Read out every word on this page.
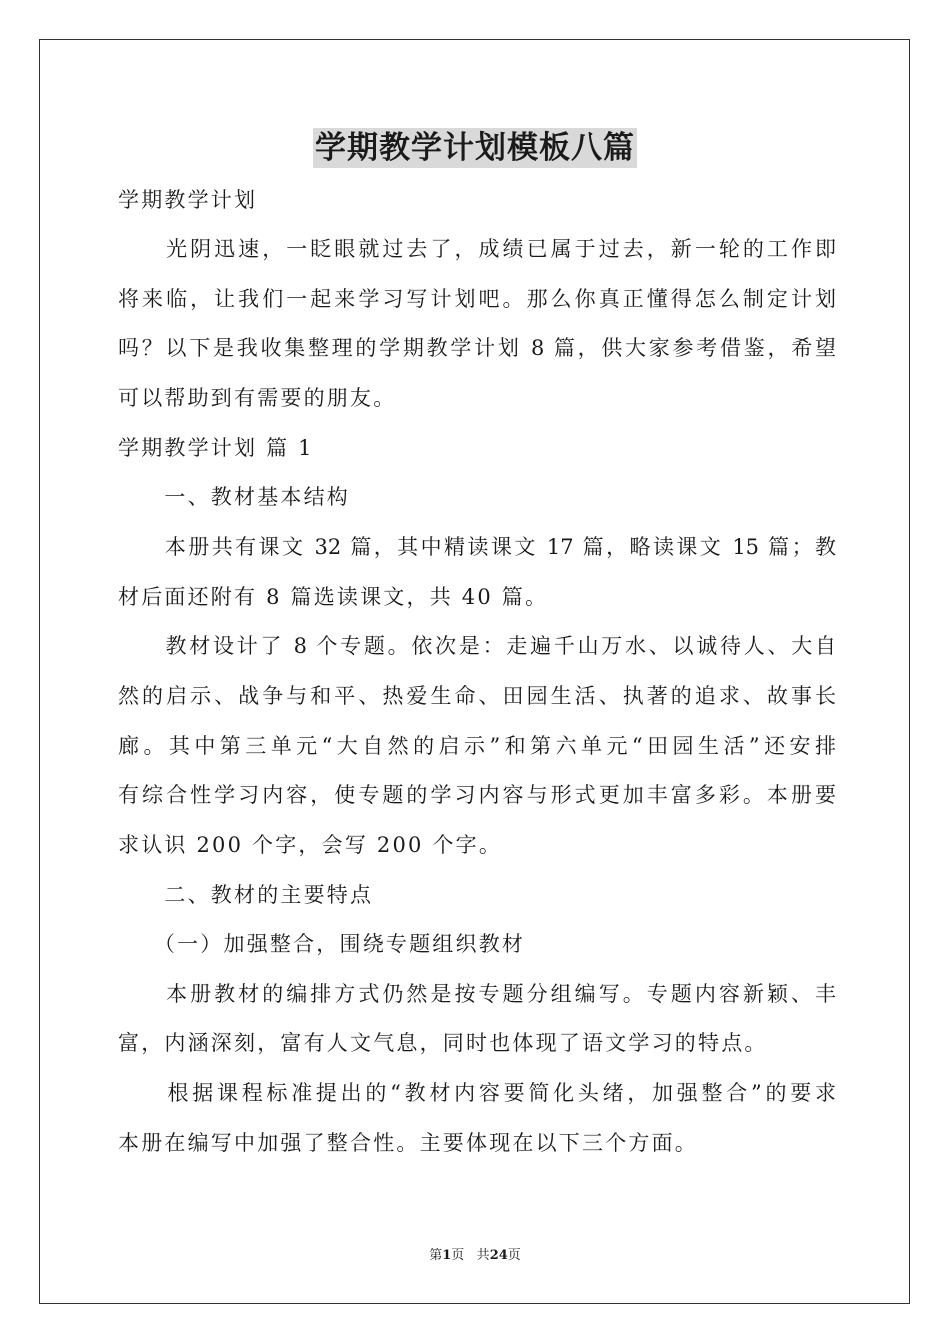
学期教学计划模板八篇
学期教学计划
　　光阴迅速，一眨眼就过去了，成绩已属于过去，新一轮的工作即
将来临，让我们一起来学习写计划吧。那么你真正懂得怎么制定计划
吗？以下是我收集整理的学期教学计划 8 篇，供大家参考借鉴，希望
可以帮助到有需要的朋友。
学期教学计划 篇 1
　　一、教材基本结构
　　本册共有课文 32 篇，其中精读课文 17 篇，略读课文 15 篇；教
材后面还附有 8 篇选读课文，共 40 篇。
　　教材设计了 8 个专题。依次是：走遍千山万水、以诚待人、大自
然的启示、战争与和平、热爱生命、田园生活、执著的追求、故事长
廊。其中第三单元“大自然的启示”和第六单元“田园生活”还安排
有综合性学习内容，使专题的学习内容与形式更加丰富多彩。本册要
求认识 200 个字，会写 200 个字。
　　二、教材的主要特点
　　（一）加强整合，围绕专题组织教材
　　本册教材的编排方式仍然是按专题分组编写。专题内容新颖、丰
富，内涵深刻，富有人文气息，同时也体现了语文学习的特点。
　　根据课程标准提出的“教材内容要简化头绪，加强整合”的要求
本册在编写中加强了整合性。主要体现在以下三个方面。
第1页 共24页
